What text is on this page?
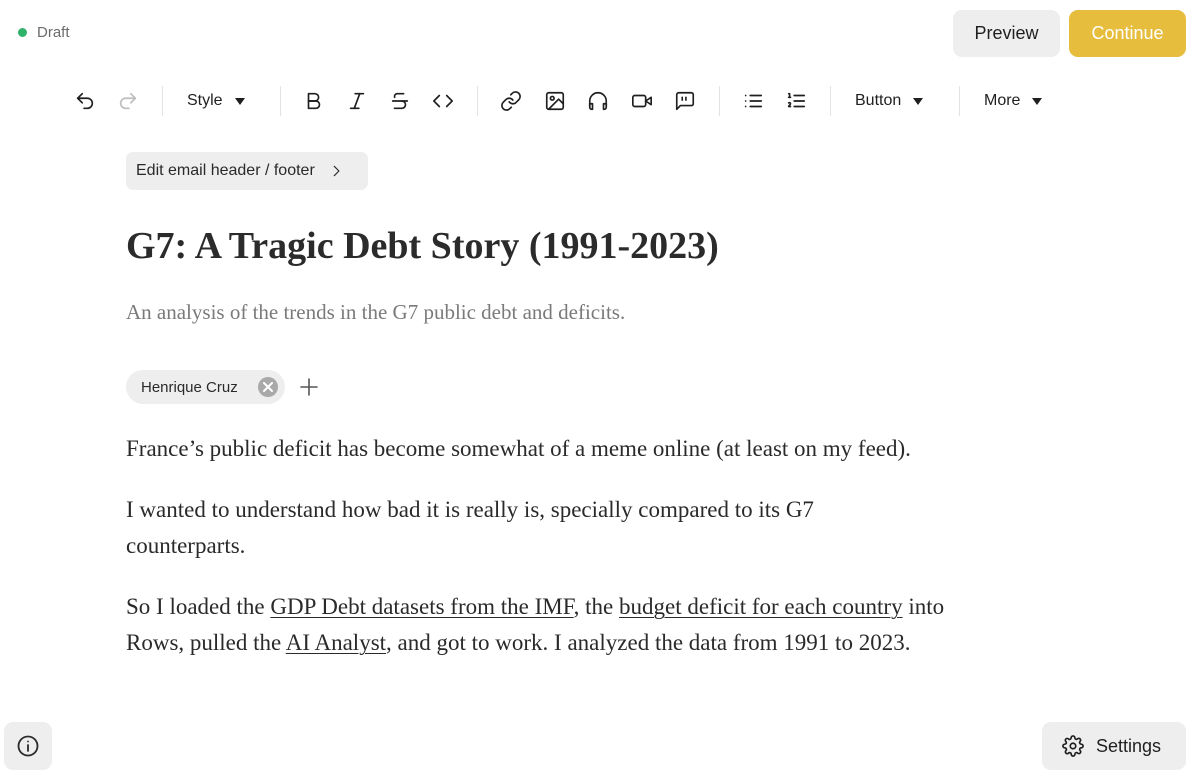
Draft	Preview	Continue
Style	Button	More
Edit email header / footer
G7: A Tragic Debt Story (1991-2023)
An analysis of the trends in the G7 public debt and deficits.
Henrique Cruz

France’s public deficit has become somewhat of a meme online (at least on my feed).

I wanted to understand how bad it is really is, specially compared to its G7 counterparts.

So I loaded the GDP Debt datasets from the IMF, the budget deficit for each country into Rows, pulled the AI Analyst, and got to work. I analyzed the data from 1991 to 2023.

Settings
